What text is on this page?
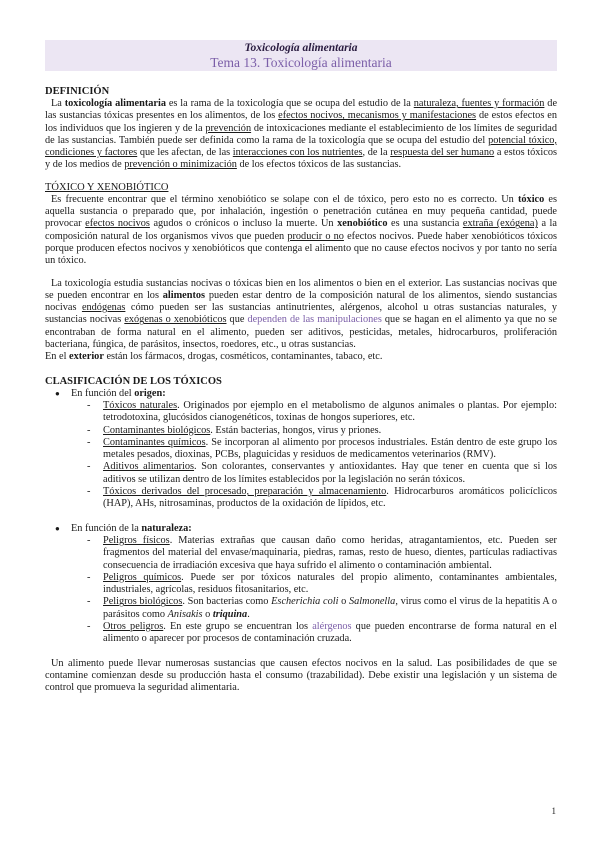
Toxicología alimentaria
Tema 13. Toxicología alimentaria
DEFINICIÓN

La toxicología alimentaria es la rama de la toxicología que se ocupa del estudio de la naturaleza, fuentes y formación de las sustancias tóxicas presentes en los alimentos, de los efectos nocivos, mecanismos y manifestaciones de estos efectos en los individuos que los ingieren y de la prevención de intoxicaciones mediante el establecimiento de los límites de seguridad de las sustancias. También puede ser definida como la rama de la toxicología que se ocupa del estudio del potencial tóxico, condiciones y factores que les afectan, de las interacciones con los nutrientes, de la respuesta del ser humano a estos tóxicos y de los medios de prevención o minimización de los efectos tóxicos de las sustancias.

TÓXICO Y XENOBIÓTICO

Es frecuente encontrar que el término xenobiótico se solape con el de tóxico, pero esto no es correcto. Un tóxico es aquella sustancia o preparado que, por inhalación, ingestión o penetración cutánea en muy pequeña cantidad, puede provocar efectos nocivos agudos o crónicos o incluso la muerte. Un xenobiótico es una sustancia extraña (exógena) a la composición natural de los organismos vivos que pueden producir o no efectos nocivos. Puede haber xenobióticos tóxicos porque producen efectos nocivos y xenobióticos que contenga el alimento que no cause efectos nocivos y por tanto no sería un tóxico.

La toxicología estudia sustancias nocivas o tóxicas bien en los alimentos o bien en el exterior. Las sustancias nocivas que se pueden encontrar en los alimentos pueden estar dentro de la composición natural de los alimentos, siendo sustancias nocivas endógenas cómo pueden ser las sustancias antinutrientes, alérgenos, alcohol u otras sustancias naturales, y sustancias nocivas exógenas o xenobióticos que dependen de las manipulaciones que se hagan en el alimento ya que no se encontraban de forma natural en el alimento, pueden ser aditivos, pesticidas, metales, hidrocarburos, proliferación bacteriana, fúngica, de parásitos, insectos, roedores, etc., u otras sustancias.

En el exterior están los fármacos, drogas, cosméticos, contaminantes, tabaco, etc.

CLASIFICACIÓN DE LOS TÓXICOS
● En función del origen:
- Tóxicos naturales. Originados por ejemplo en el metabolismo de algunos animales o plantas. Por ejemplo: tetrodotoxina, glucósidos cianogenéticos, toxinas de hongos superiores, etc.
- Contaminantes biológicos. Están bacterias, hongos, virus y priones.
- Contaminantes químicos. Se incorporan al alimento por procesos industriales. Están dentro de este grupo los metales pesados, dioxinas, PCBs, plaguicidas y residuos de medicamentos veterinarios (RMV).
- Aditivos alimentarios. Son colorantes, conservantes y antioxidantes. Hay que tener en cuenta que si los aditivos se utilizan dentro de los límites establecidos por la legislación no serán tóxicos.
- Tóxicos derivados del procesado, preparación y almacenamiento. Hidrocarburos aromáticos policíclicos (HAP), AHs, nitrosaminas, productos de la oxidación de lípidos, etc.
● En función de la naturaleza:
- Peligros físicos. Materias extrañas que causan daño como heridas, atragantamientos, etc. Pueden ser fragmentos del material del envase/maquinaria, piedras, ramas, resto de hueso, dientes, partículas radiactivas consecuencia de irradiación excesiva que haya sufrido el alimento o contaminación ambiental.
- Peligros químicos. Puede ser por tóxicos naturales del propio alimento, contaminantes ambientales, industriales, agrícolas, residuos fitosanitarios, etc.
- Peligros biológicos. Son bacterias como Escherichia coli o Salmonella, virus como el virus de la hepatitis A o parásitos como Anisakis o triquina.
- Otros peligros. En este grupo se encuentran los alérgenos que pueden encontrarse de forma natural en el alimento o aparecer por procesos de contaminación cruzada.

Un alimento puede llevar numerosas sustancias que causen efectos nocivos en la salud. Las posibilidades de que se contamine comienzan desde su producción hasta el consumo (trazabilidad). Debe existir una legislación y un sistema de control que promueva la seguridad alimentaria.

1
